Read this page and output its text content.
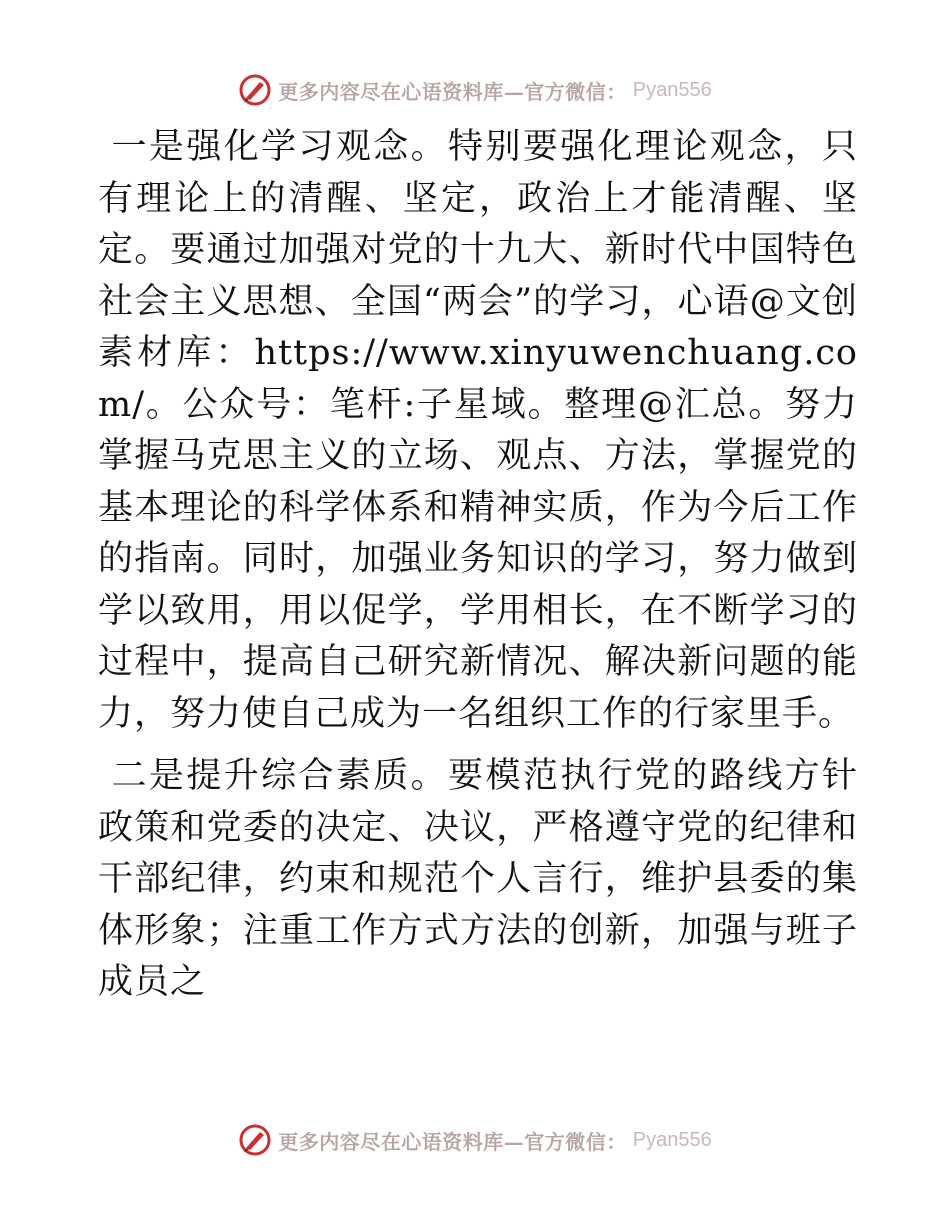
更多内容尽在心语资料库—官方微信： Pyan556

一是强化学习观念。特别要强化理论观念，只有理论上的清醒、坚定，政治上才能清醒、坚定。要通过加强对党的十九大、新时代中国特色社会主义思想、全国“两会”的学习，心语@文创素材库：https://www.xinyuwenchuang.com/。公众号：笔杆:子星域。整理@汇总。努力掌握马克思主义的立场、观点、方法，掌握党的基本理论的科学体系和精神实质，作为今后工作的指南。同时，加强业务知识的学习，努力做到学以致用，用以促学，学用相长，在不断学习的过程中，提高自己研究新情况、解决新问题的能力，努力使自己成为一名组织工作的行家里手。

二是提升综合素质。要模范执行党的路线方针政策和党委的决定、决议，严格遵守党的纪律和干部纪律，约束和规范个人言行，维护县委的集体形象；注重工作方式方法的创新，加强与班子成员之

更多内容尽在心语资料库—官方微信： Pyan556
